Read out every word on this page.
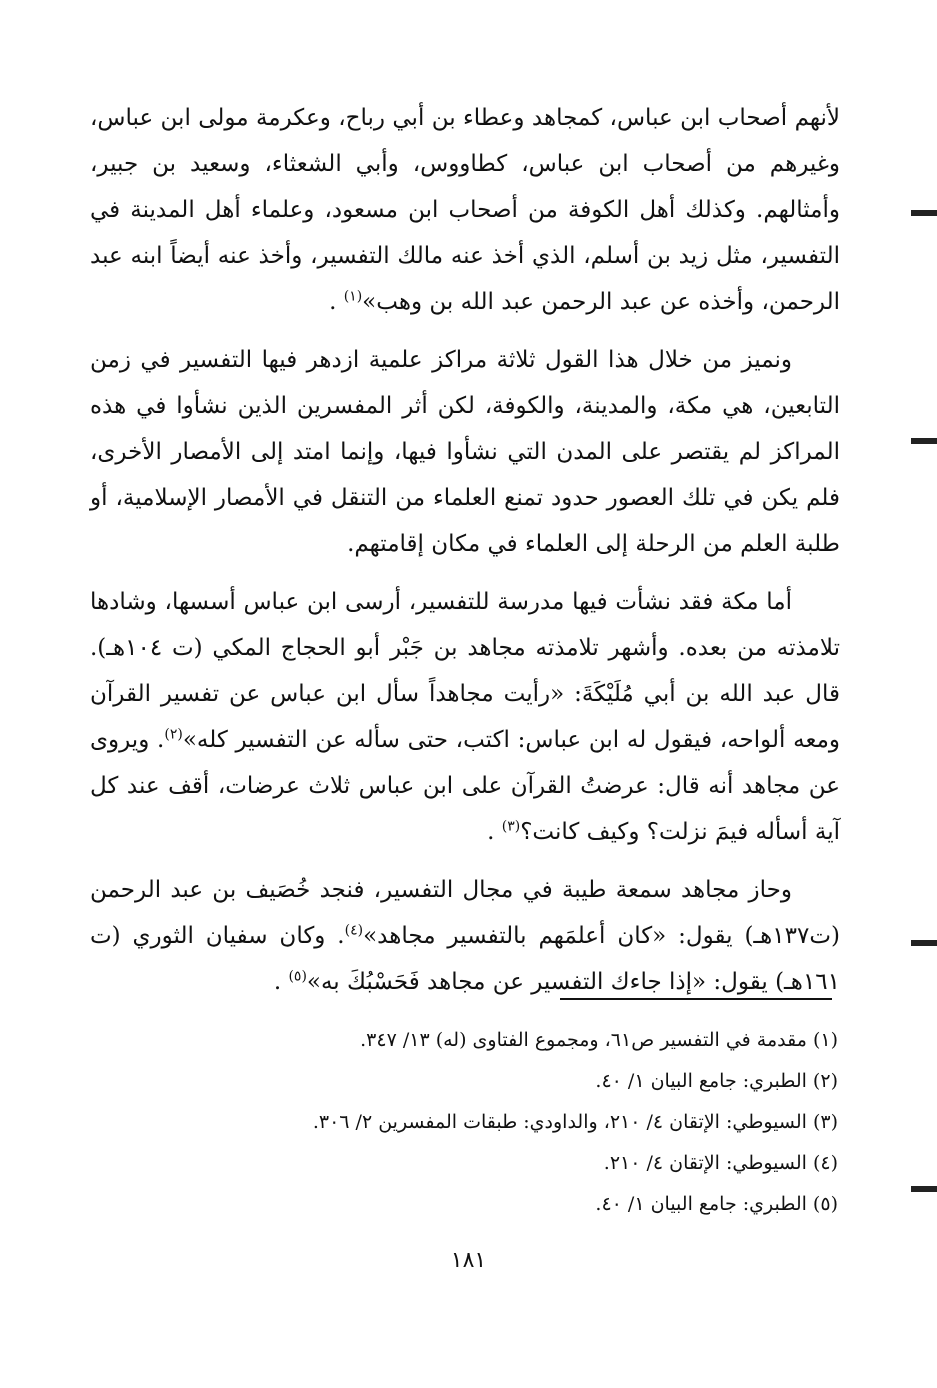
لأنهم أصحاب ابن عباس، كمجاهد وعطاء بن أبي رباح، وعكرمة مولى ابن عباس، وغيرهم من أصحاب ابن عباس، كطاووس، وأبي الشعثاء، وسعيد بن جبير، وأمثالهم. وكذلك أهل الكوفة من أصحاب ابن مسعود، وعلماء أهل المدينة في التفسير، مثل زيد بن أسلم، الذي أخذ عنه مالك التفسير، وأخذ عنه أيضاً ابنه عبد الرحمن، وأخذه عن عبد الرحمن عبد الله بن وهب»$^{(١)}$ .

ونميز من خلال هذا القول ثلاثة مراكز علمية ازدهر فيها التفسير في زمن التابعين، هي مكة، والمدينة، والكوفة، لكن أثر المفسرين الذين نشأوا في هذه المراكز لم يقتصر على المدن التي نشأوا فيها، وإنما امتد إلى الأمصار الأخرى، فلم يكن في تلك العصور حدود تمنع العلماء من التنقل في الأمصار الإسلامية، أو طلبة العلم من الرحلة إلى العلماء في مكان إقامتهم.

أما مكة فقد نشأت فيها مدرسة للتفسير، أرسى ابن عباس أسسها، وشادها تلامذته من بعده. وأشهر تلامذته مجاهد بن جَبْر أبو الحجاج المكي (ت ١٠٤هـ). قال عبد الله بن أبي مُلَيْكَةَ: «رأيت مجاهداً سأل ابن عباس عن تفسير القرآن ومعه ألواحه، فيقول له ابن عباس: اكتب، حتى سأله عن التفسير كله»$^{(٢)}$. ويروى عن مجاهد أنه قال: عرضتُ القرآن على ابن عباس ثلاث عرضات، أقف عند كل آية أسأله فيمَ نزلت؟ وكيف كانت؟$^{(٣)}$ .

وحاز مجاهد سمعة طيبة في مجال التفسير، فنجد خُصَيف بن عبد الرحمن (ت١٣٧هـ) يقول: «كان أعلمَهم بالتفسير مجاهد»$^{(٤)}$. وكان سفيان الثوري (ت ١٦١هـ) يقول: «إذا جاءك التفسير عن مجاهد فَحَسْبُكَ به»$^{(٥)}$ .

(١) مقدمة في التفسير ص٦١، ومجموع الفتاوى (له) ١٣/ ٣٤٧.

(٢) الطبري: جامع البيان ١/ ٤٠.

(٣) السيوطي: الإتقان ٤/ ٢١٠، والداودي: طبقات المفسرين ٢/ ٣٠٦.

(٤) السيوطي: الإتقان ٤/ ٢١٠.

(٥) الطبري: جامع البيان ١/ ٤٠.

١٨١
